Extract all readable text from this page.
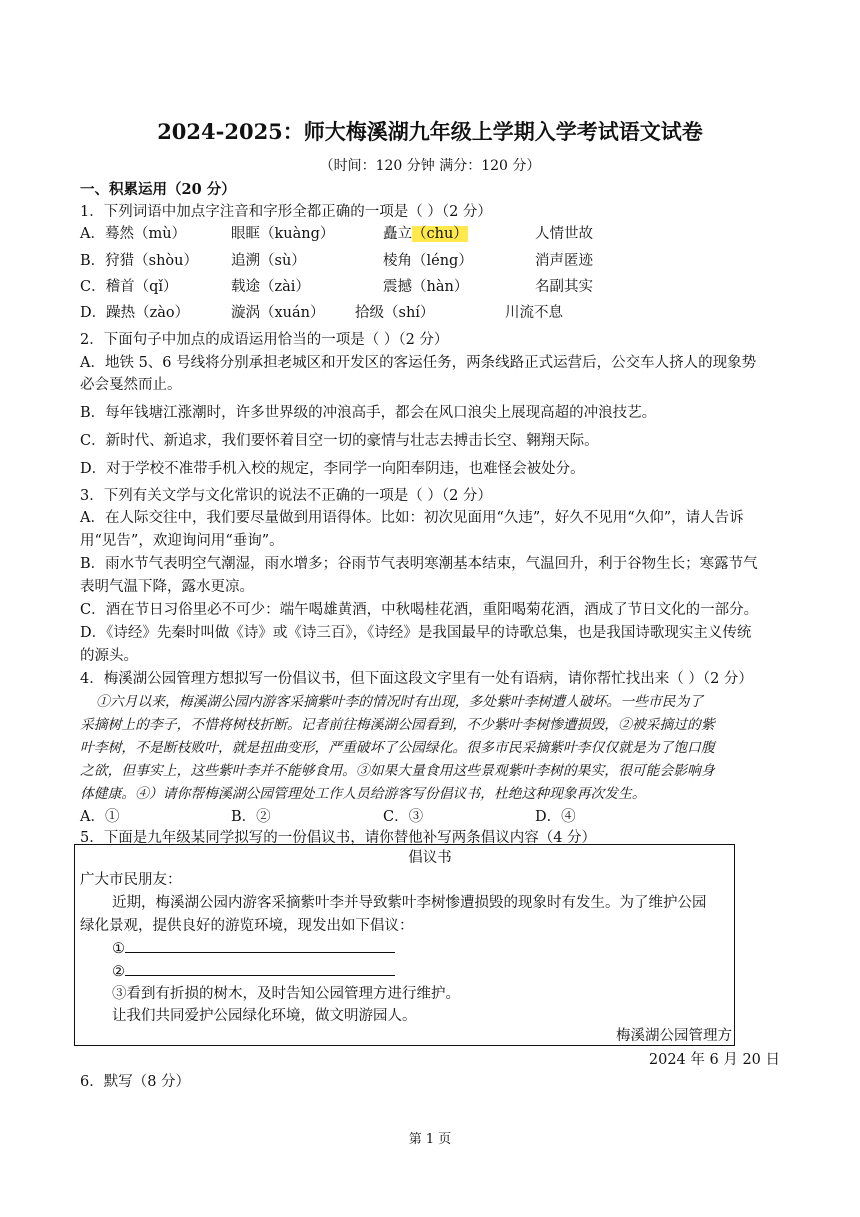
2024-2025：师大梅溪湖九年级上学期入学考试语文试卷
（时间：120 分钟 满分：120 分）
一、积累运用（20 分）
1．下列词语中加点字注音和字形全都正确的一项是（ ）（2 分）
A．蓦然（mù）	眼眶（kuàng）	矗立（chu）	人情世故
B．狩猎（shòu） 追溯（sù）	棱角（léng）	消声匿迹
C．稽首（qǐ）	载途（zài）	震撼（hàn）	名副其实
D．躁热（zào）	漩涡（xuán） 拾级（shí）	川流不息
2．下面句子中加点的成语运用恰当的一项是（ ）（2 分）
A．地铁 5、6 号线将分别承担老城区和开发区的客运任务，两条线路正式运营后，公交车人挤人的现象势
必会戛然而止。
B．每年钱塘江涨潮时，许多世界级的冲浪高手，都会在风口浪尖上展现高超的冲浪技艺。
C．新时代、新追求，我们要怀着目空一切的豪情与壮志去搏击长空、翱翔天际。
D．对于学校不准带手机入校的规定，李同学一向阳奉阴违，也难怪会被处分。
3．下列有关文学与文化常识的说法不正确的一项是（ ）（2 分）
A．在人际交往中，我们要尽量做到用语得体。比如：初次见面用“久违”，好久不见用“久仰”，请人告诉
用“见告”，欢迎询问用“垂询”。
B．雨水节气表明空气潮湿，雨水增多；谷雨节气表明寒潮基本结束，气温回升，利于谷物生长；寒露节气
表明气温下降，露水更凉。
C．酒在节日习俗里必不可少：端午喝雄黄酒，中秋喝桂花酒，重阳喝菊花酒，酒成了节日文化的一部分。
D．《诗经》先秦时叫做《诗》或《诗三百》，《诗经》是我国最早的诗歌总集，也是我国诗歌现实主义传统
的源头。
4．梅溪湖公园管理方想拟写一份倡议书，但下面这段文字里有一处有语病，请你帮忙找出来（ ）（2 分）
①六月以来，梅溪湖公园内游客采摘紫叶李的情况时有出现，多处紫叶李树遭人破坏。一些市民为了
采摘树上的李子，不惜将树枝折断。记者前往梅溪湖公园看到，不少紫叶李树惨遭损毁，②被采摘过的紫
叶李树，不是断枝败叶，就是扭曲变形，严重破坏了公园绿化。很多市民采摘紫叶李仅仅就是为了饱口腹
之欲，但事实上，这些紫叶李并不能够食用。③如果大量食用这些景观紫叶李树的果实，很可能会影响身
体健康。④）请你帮梅溪湖公园管理处工作人员给游客写份倡议书，杜绝这种现象再次发生。
A．①	B．②	C．③	D．④
5．下面是九年级某同学拟写的一份倡议书，请你替他补写两条倡议内容（4 分）
倡议书
广大市民朋友：
近期，梅溪湖公园内游客采摘紫叶李并导致紫叶李树惨遭损毁的现象时有发生。为了维护公园
绿化景观，提供良好的游览环境，现发出如下倡议：
①
②
③看到有折损的树木，及时告知公园管理方进行维护。
让我们共同爱护公园绿化环境，做文明游园人。
梅溪湖公园管理方
2024 年 6 月 20 日
6．默写（8 分）
第 1 页
